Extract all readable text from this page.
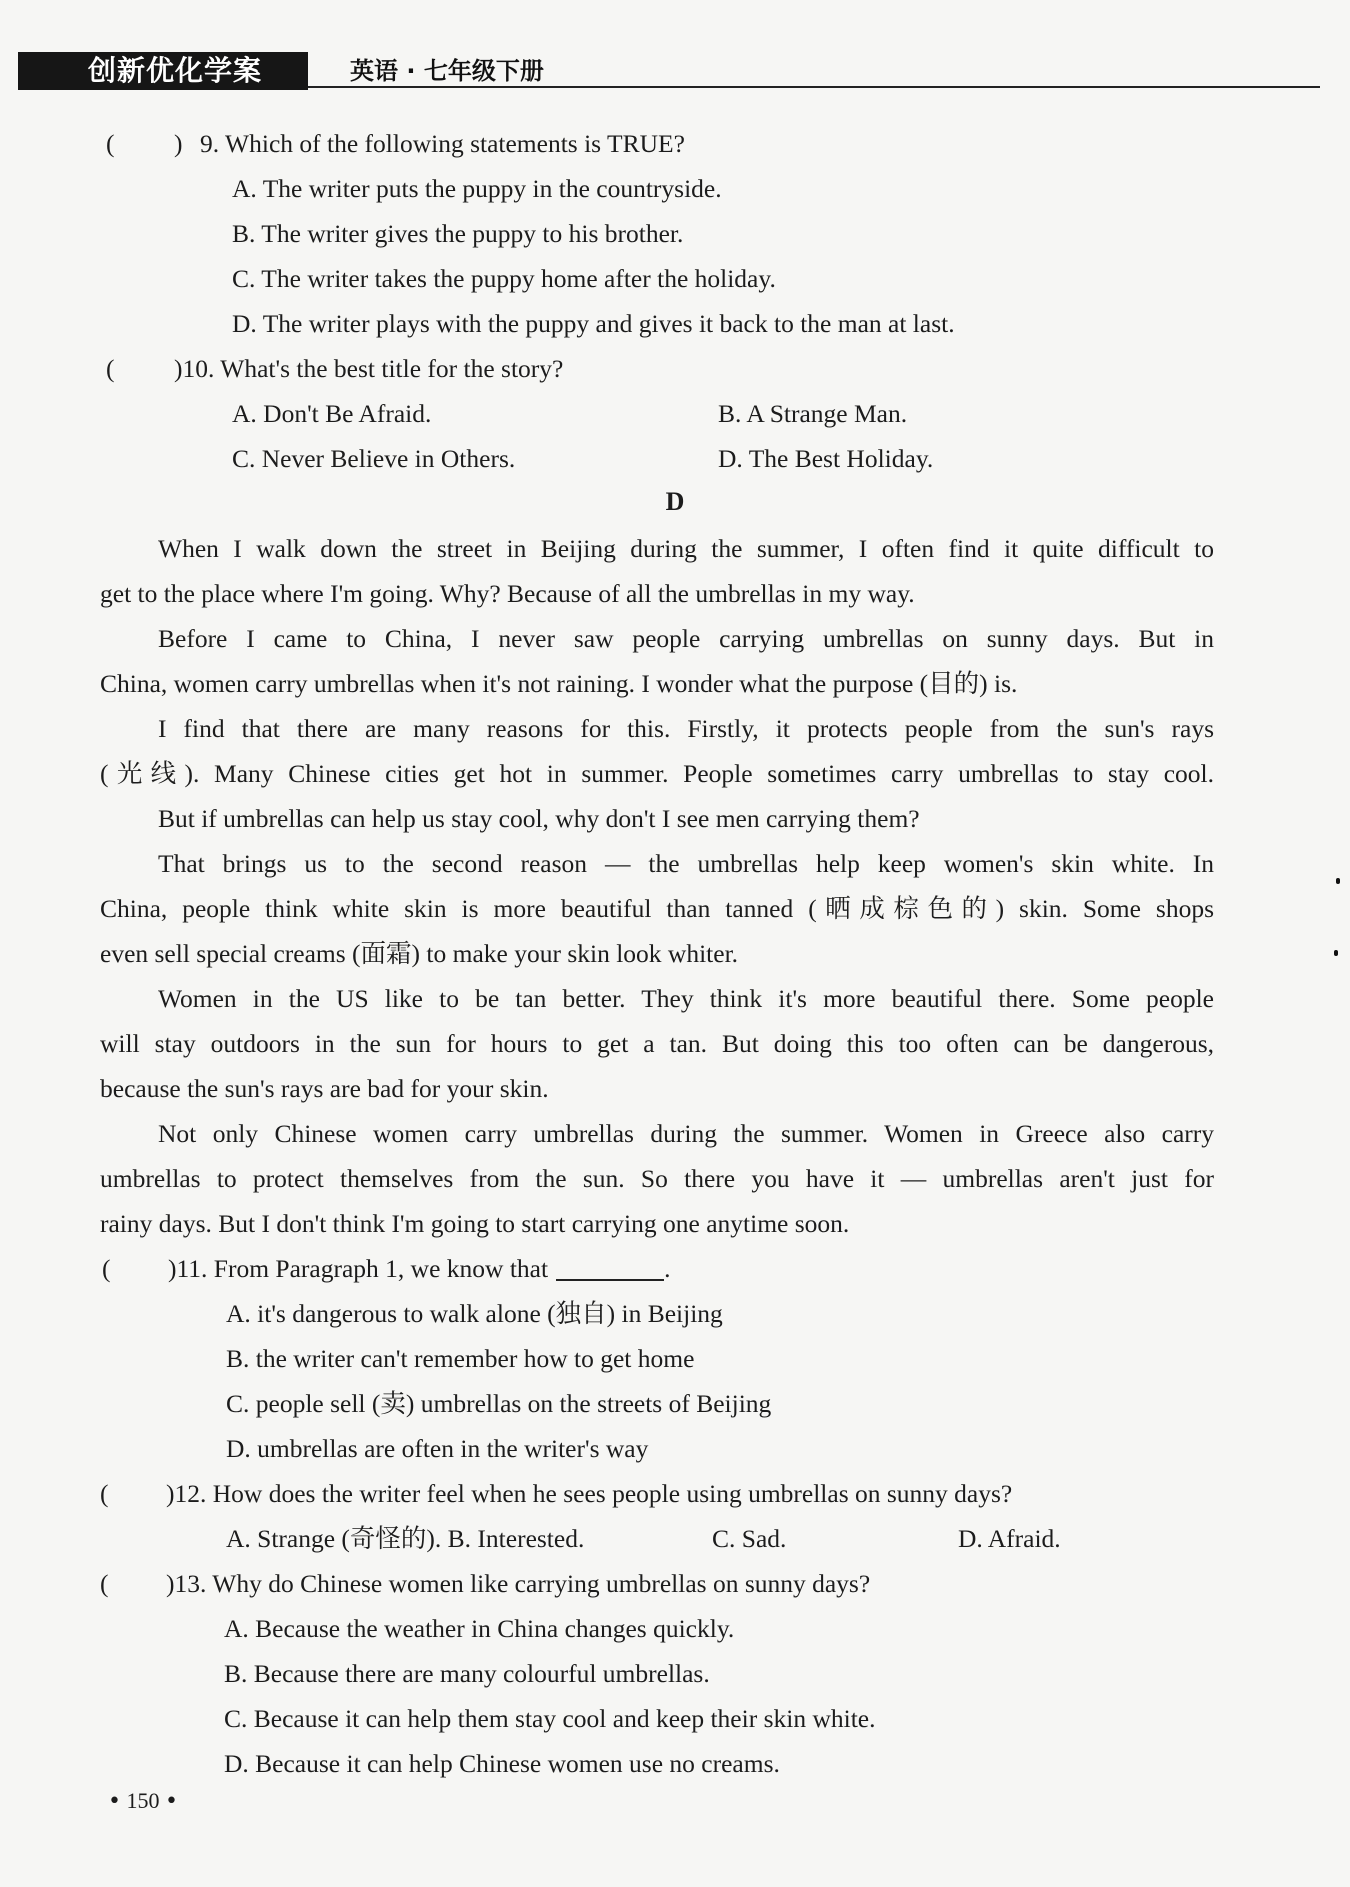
创新优化学案	英语 · 七年级下册
( ) 9. Which of the following statements is TRUE?
A. The writer puts the puppy in the countryside.
B. The writer gives the puppy to his brother.
C. The writer takes the puppy home after the holiday.
D. The writer plays with the puppy and gives it back to the man at last.
( )10. What's the best title for the story?
A. Don't Be Afraid.	B. A Strange Man.
C. Never Believe in Others.	D. The Best Holiday.
D
When I walk down the street in Beijing during the summer, I often find it quite difficult to
get to the place where I'm going. Why? Because of all the umbrellas in my way.
Before I came to China, I never saw people carrying umbrellas on sunny days. But in
China, women carry umbrellas when it's not raining. I wonder what the purpose (目的) is.
I find that there are many reasons for this. Firstly, it protects people from the sun's rays
(光线). Many Chinese cities get hot in summer. People sometimes carry umbrellas to stay cool.
But if umbrellas can help us stay cool, why don't I see men carrying them?
That brings us to the second reason — the umbrellas help keep women's skin white. In
China, people think white skin is more beautiful than tanned (晒成棕色的) skin. Some shops
even sell special creams (面霜) to make your skin look whiter.
Women in the US like to be tan better. They think it's more beautiful there. Some people
will stay outdoors in the sun for hours to get a tan. But doing this too often can be dangerous,
because the sun's rays are bad for your skin.
Not only Chinese women carry umbrellas during the summer. Women in Greece also carry
umbrellas to protect themselves from the sun. So there you have it — umbrellas aren't just for
rainy days. But I don't think I'm going to start carrying one anytime soon.
( )11. From Paragraph 1, we know that	.
A. it's dangerous to walk alone (独自) in Beijing
B. the writer can't remember how to get home
C. people sell (卖) umbrellas on the streets of Beijing
D. umbrellas are often in the writer's way
( )12. How does the writer feel when he sees people using umbrellas on sunny days?
A. Strange (奇怪的). B. Interested.	C. Sad.	D. Afraid.
( )13. Why do Chinese women like carrying umbrellas on sunny days?
A. Because the weather in China changes quickly.
B. Because there are many colourful umbrellas.
C. Because it can help them stay cool and keep their skin white.
D. Because it can help Chinese women use no creams.
• 150 •
